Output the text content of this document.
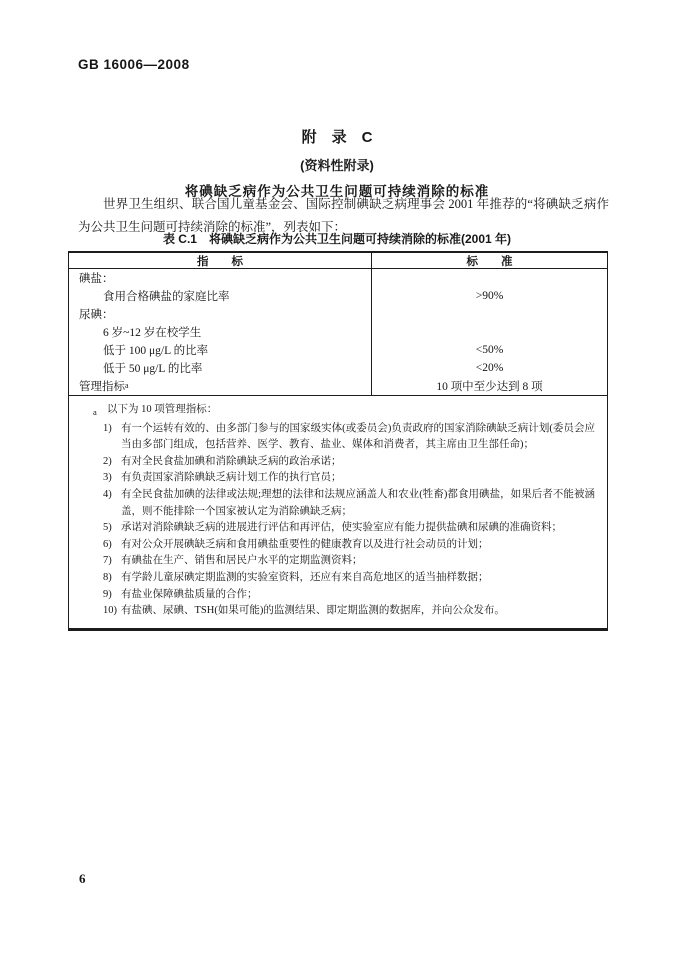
GB 16006—2008
附　录　C
(资料性附录)
将碘缺乏病作为公共卫生问题可持续消除的标准
世界卫生组织、联合国儿童基金会、国际控制碘缺乏病理事会 2001 年推荐的“将碘缺乏病作为公共卫生问题可持续消除的标准”，列表如下：
表 C.1　将碘缺乏病作为公共卫生问题可持续消除的标准(2001 年)
指　　标	标　　准
碘盐：
食用合格碘盐的家庭比率	>90%
尿碘：
6 岁~12 岁在校学生
低于 100 μg/L 的比率	<50%
低于 50 μg/L 的比率	<20%
管理指标 a	10 项中至少达到 8 项
a 以下为 10 项管理指标：
1) 有一个运转有效的、由多部门参与的国家级实体(或委员会)负责政府的国家消除碘缺乏病计划(委员会应当由多部门组成，包括营养、医学、教育、盐业、媒体和消费者，其主席由卫生部任命)；
2) 有对全民食盐加碘和消除碘缺乏病的政治承诺；
3) 有负责国家消除碘缺乏病计划工作的执行官员；
4) 有全民食盐加碘的法律或法规;理想的法律和法规应涵盖人和农业(牲畜)都食用碘盐，如果后者不能被涵盖，则不能排除一个国家被认定为消除碘缺乏病；
5) 承诺对消除碘缺乏病的进展进行评估和再评估，使实验室应有能力提供盐碘和尿碘的准确资料；
6) 有对公众开展碘缺乏病和食用碘盐重要性的健康教育以及进行社会动员的计划；
7) 有碘盐在生产、销售和居民户水平的定期监测资料；
8) 有学龄儿童尿碘定期监测的实验室资料，还应有来自高危地区的适当抽样数据；
9) 有盐业保障碘盐质量的合作；
10) 有盐碘、尿碘、TSH(如果可能)的监测结果、即定期监测的数据库，并向公众发布。
6
